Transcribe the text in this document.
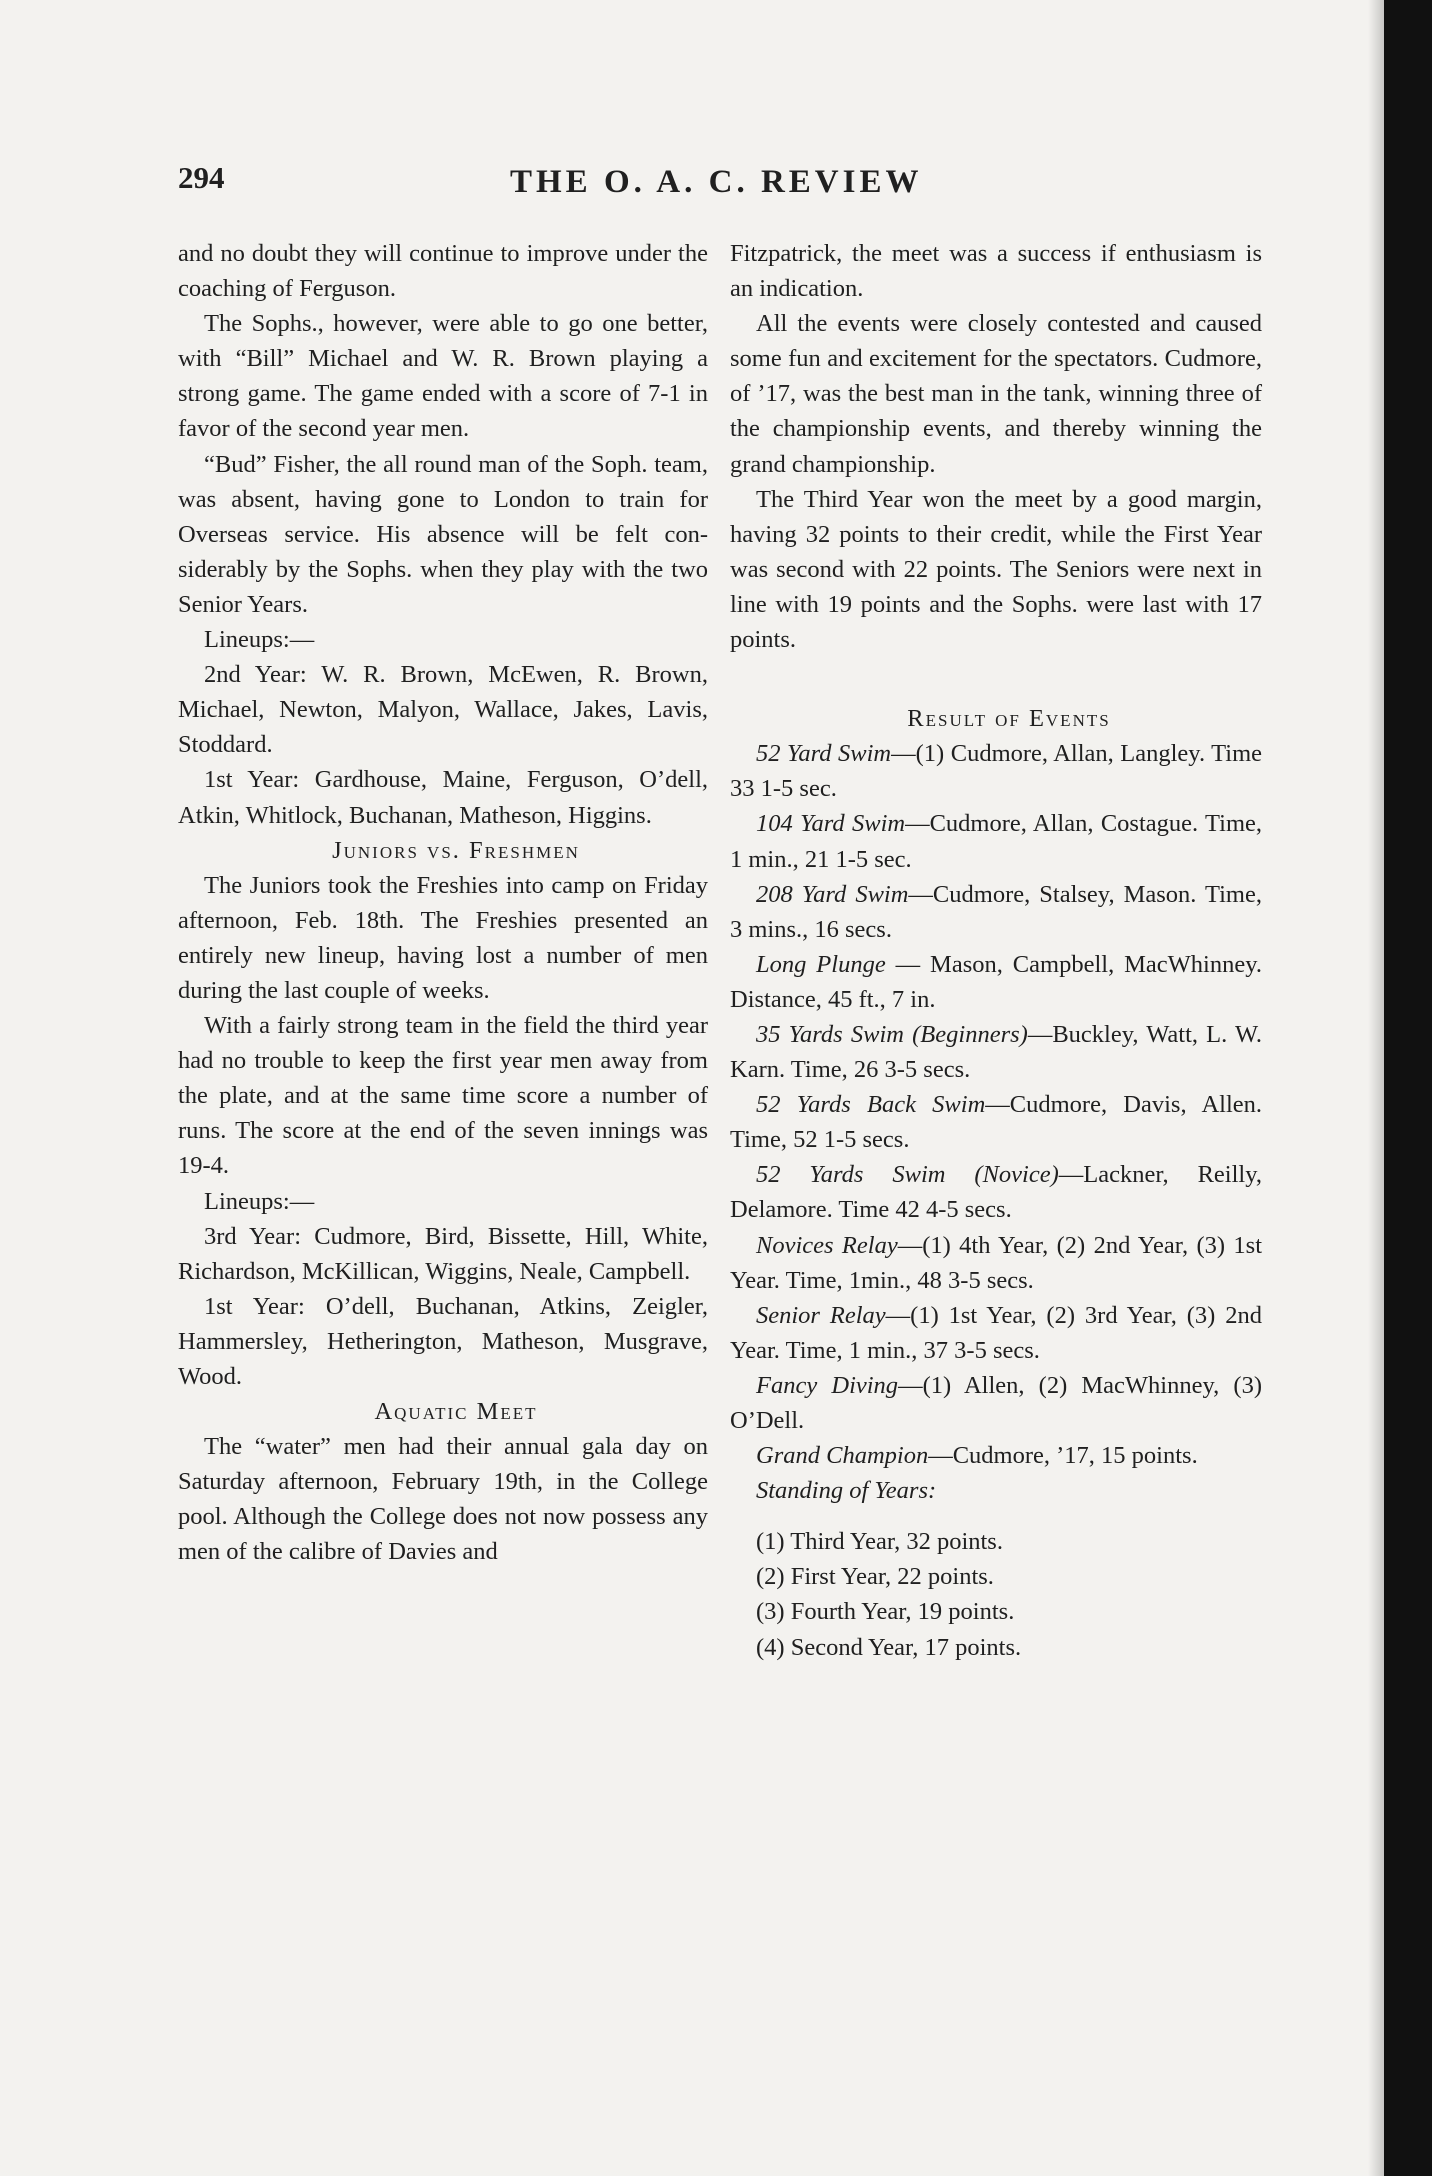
294	THE O. A. C. REVIEW

and no doubt they will continue to improve under the coaching of Ferguson.

The Sophs., however, were able to go one better, with “Bill” Michael and W. R. Brown playing a strong game. The game ended with a score of 7-1 in favor of the second year men.

“Bud” Fisher, the all round man of the Soph. team, was absent, having gone to London to train for Overseas service. His absence will be felt considerably by the Sophs. when they play with the two Senior Years.

Lineups:—

2nd Year: W. R. Brown, McEwen, R. Brown, Michael, Newton, Malyon, Wallace, Jakes, Lavis, Stoddard.

1st Year: Gardhouse, Maine, Ferguson, O’dell, Atkin, Whitlock, Buchanan, Matheson, Higgins.

Juniors vs. Freshmen

The Juniors took the Freshies into camp on Friday afternoon, Feb. 18th. The Freshies presented an entirely new lineup, having lost a number of men during the last couple of weeks.

With a fairly strong team in the field the third year had no trouble to keep the first year men away from the plate, and at the same time score a number of runs. The score at the end of the seven innings was 19-4.

Lineups:—

3rd Year: Cudmore, Bird, Bissette, Hill, White, Richardson, McKillican, Wiggins, Neale, Campbell.

1st Year: O’dell, Buchanan, Atkins, Zeigler, Hammersley, Hetherington, Matheson, Musgrave, Wood.

Aquatic Meet

The “water” men had their annual gala day on Saturday afternoon, February 19th, in the College pool. Although the College does not now possess any men of the calibre of Davies and

Fitzpatrick, the meet was a success if enthusiasm is an indication.

All the events were closely contested and caused some fun and excitement for the spectators. Cudmore, of ’17, was the best man in the tank, winning three of the championship events, and thereby winning the grand championship.

The Third Year won the meet by a good margin, having 32 points to their credit, while the First Year was second with 22 points. The Seniors were next in line with 19 points and the Sophs. were last with 17 points.

Result of Events

52 Yard Swim—(1) Cudmore, Allan, Langley. Time 33 1-5 sec.

104 Yard Swim—Cudmore, Allan, Costague. Time, 1 min., 21 1-5 sec.

208 Yard Swim—Cudmore, Stalsey, Mason. Time, 3 mins., 16 secs.

Long Plunge — Mason, Campbell, MacWhinney. Distance, 45 ft., 7 in.

35 Yards Swim (Beginners)—Buckley, Watt, L. W. Karn. Time, 26 3-5 secs.

52 Yards Back Swim—Cudmore, Davis, Allen. Time, 52 1-5 secs.

52 Yards Swim (Novice)—Lackner, Reilly, Delamore. Time 42 4-5 secs.

Novices Relay—(1) 4th Year, (2) 2nd Year, (3) 1st Year. Time, 1min., 48 3-5 secs.

Senior Relay—(1) 1st Year, (2) 3rd Year, (3) 2nd Year. Time, 1 min., 37 3-5 secs.

Fancy Diving—(1) Allen, (2) MacWhinney, (3) O’Dell.

Grand Champion—Cudmore, ’17, 15 points.

Standing of Years:

(1) Third Year, 32 points.
(2) First Year, 22 points.
(3) Fourth Year, 19 points.
(4) Second Year, 17 points.
